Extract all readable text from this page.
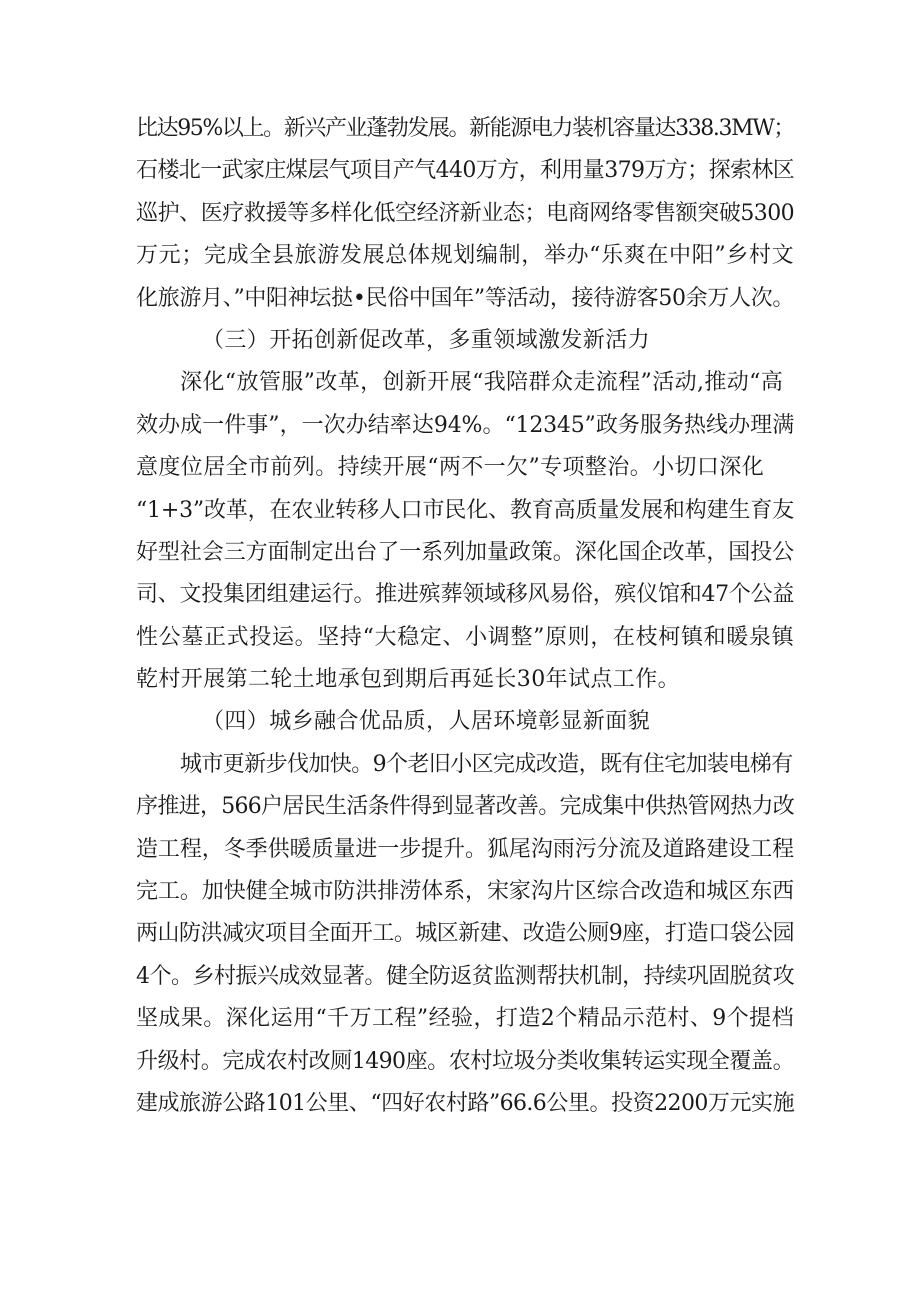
比达95%以上。新兴产业蓬勃发展。新能源电力装机容量达338.3MW；
石楼北一武家庄煤层气项目产气440万方，利用量379万方；探索林区
巡护、医疗救援等多样化低空经济新业态；电商网络零售额突破5300
万元；完成全县旅游发展总体规划编制，举办“乐爽在中阳”乡村文
化旅游月、”中阳神坛挞•民俗中国年”等活动，接待游客50余万人次。
（三）开拓创新促改革，多重领域激发新活力
深化“放管服”改革，创新开展“我陪群众走流程”活动,推动“高
效办成一件事”，一次办结率达94%。“12345”政务服务热线办理满
意度位居全市前列。持续开展“两不一欠”专项整治。小切口深化
“1+3”改革，在农业转移人口市民化、教育高质量发展和构建生育友
好型社会三方面制定出台了一系列加量政策。深化国企改革，国投公
司、文投集团组建运行。推进殡葬领域移风易俗，殡仪馆和47个公益
性公墓正式投运。坚持“大稳定、小调整”原则，在枝柯镇和暖泉镇
乾村开展第二轮土地承包到期后再延长30年试点工作。
（四）城乡融合优品质，人居环境彰显新面貌
城市更新步伐加快。9个老旧小区完成改造，既有住宅加装电梯有
序推进，566户居民生活条件得到显著改善。完成集中供热管网热力改
造工程，冬季供暖质量进一步提升。狐尾沟雨污分流及道路建设工程
完工。加快健全城市防洪排涝体系，宋家沟片区综合改造和城区东西
两山防洪减灾项目全面开工。城区新建、改造公厕9座，打造口袋公园
4个。乡村振兴成效显著。健全防返贫监测帮扶机制，持续巩固脱贫攻
坚成果。深化运用“千万工程”经验，打造2个精品示范村、9个提档
升级村。完成农村改厕1490座。农村垃圾分类收集转运实现全覆盖。
建成旅游公路101公里、“四好农村路”66.6公里。投资2200万元实施
